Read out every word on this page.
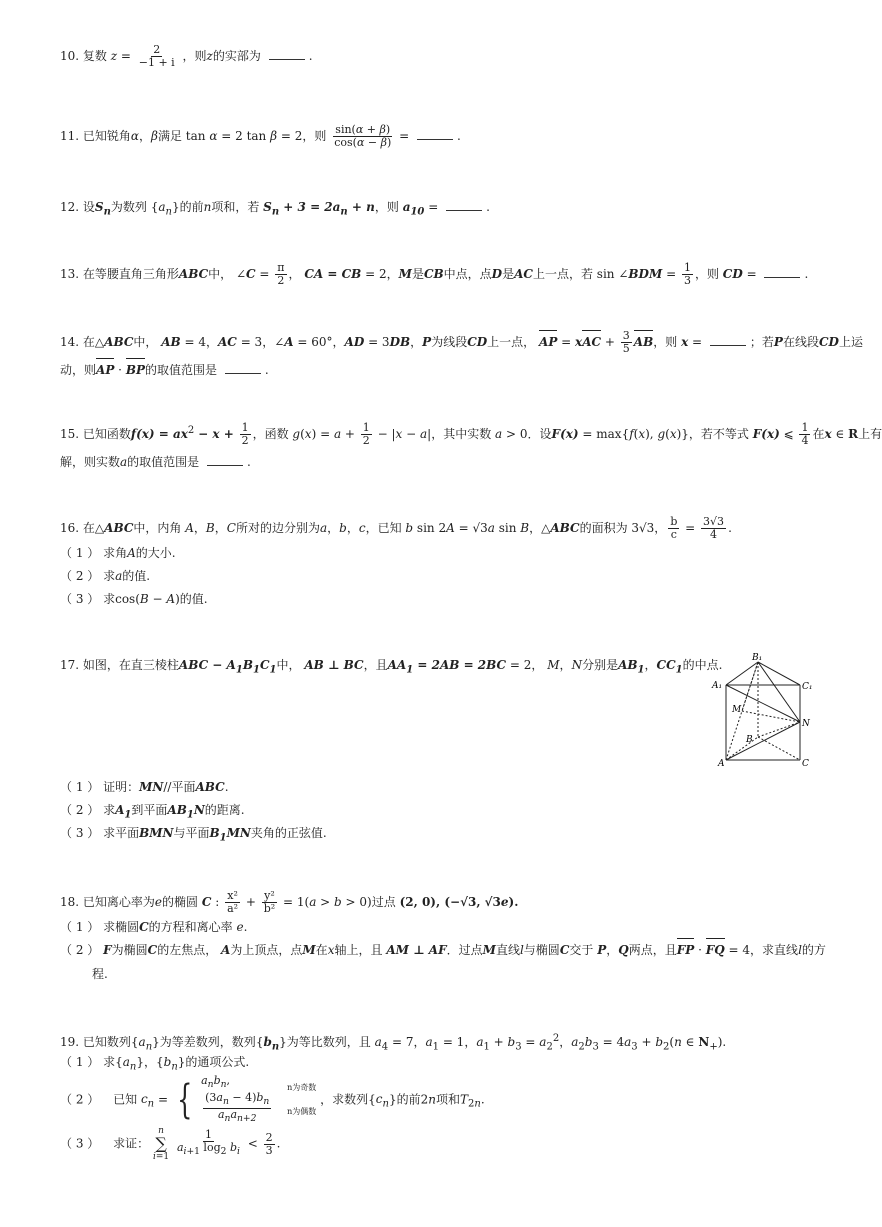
10. 复数 $z = \frac{2}{-1 + i}$ ，则z的实部为	.
11. 已知锐角α，β满足 tan α = 2 tan β = 2，则 $\frac{\sin(\alpha + \beta)}{\cos(\alpha - \beta)}$ =	.
12. 设$S_n$为数列 $\{a_n\}$的前n项和，若 $S_n + 3 = 2a_n + n$，则 $a_{10}$ =	.
13. 在等腰直角三角形ABC中， ∠C = $\frac{\pi}{2}$ ， CA = CB = 2，M是CB中点，点D是AC上一点，若 sin ∠BDM = $\frac{1}{3}$ ，则 CD =	.
14. 在△ABC中， AB = 4，AC = 3，∠A = 60°，AD = 3DB，P为线段CD上一点， AP = xAC + $\frac{3}{5}$ AB，则 x =	；若P在线段CD上运
动，则AP · BP的取值范围是	.
15. 已知函数$f(x) = ax^2 - x + \frac{1}{2}$ ，函数 $g(x) = a + \frac{1}{2} - |x - a|$，其中实数 a > 0．设F(x) = max{f(x), g(x)}，若不等式 F(x) ⩽ $\frac{1}{4}$ 在x ∈ R上有
解，则实数a的取值范围是	.
16. 在△ABC中，内角 A，B，C所对的边分别为a，b，c，已知 b sin 2A = √3a sin B，△ABC的面积为 3√3， $\frac{b}{c} = \frac{3√3}{4}$ .
（ 1 ） 求角A的大小.
（ 2 ） 求a的值.
（ 3 ） 求cos(B − A)的值.
17. 如图，在直三棱柱ABC − $A_1B_1C_1$中， AB ⊥ BC，且$AA_1 = 2AB = 2BC = 2$， M，N分别是$AB_1$，$CC_1$的中点.	B₁
A₁	C₁
M
N
B
A	C
（ 1 ） 证明：MN//平面ABC.
（ 2 ） 求$A_1$到平面$AB_1N$的距离.
（ 3 ） 求平面BMN与平面$B_1MN$夹角的正弦值.
18. 已知离心率为e的椭圆 C : $\frac{\text{x²}}{\text{a²}} + \frac{\text{y²}}{\text{b²}} = 1(a > b > 0)$过点 (2, 0), (−√3, √3e).
（ 1 ） 求椭圆C的方程和离心率 e.
（ 2 ） F为椭圆C的左焦点， A为上顶点，点M在x轴上，且 AM ⊥ AF．过点M直线l与椭圆C交于 P，Q两点，且FP · FQ = 4，求直线l的方
程.
19. 已知数列$\{a_n\}$为等差数列，数列$\{b_n\}$为等比数列，且 $a_4 = 7$，$a_1 = 1$，$a_1 + b_3 = a_2^2$，$a_2b_3 = 4a_3 + b_2(n$ ∈ $N_+$).
（ 1 ） 求$\{a_n\}$，$\{b_n\}$的通项公式.
（ 2 ） 已知 $c_n$ = { $a_nb_n$,
$\frac{(3a_n - 4)b_n}{a_na_{n+2}}$

n为奇数
n为偶数
，求数列$\{c_n\}$的前2n项和$T_{2n}$.
（ 3 ） 求证：
n
∑
i=1
$\frac{1}{a_{i+1} \log_2 b_i} < \frac{2}{3}$ .
